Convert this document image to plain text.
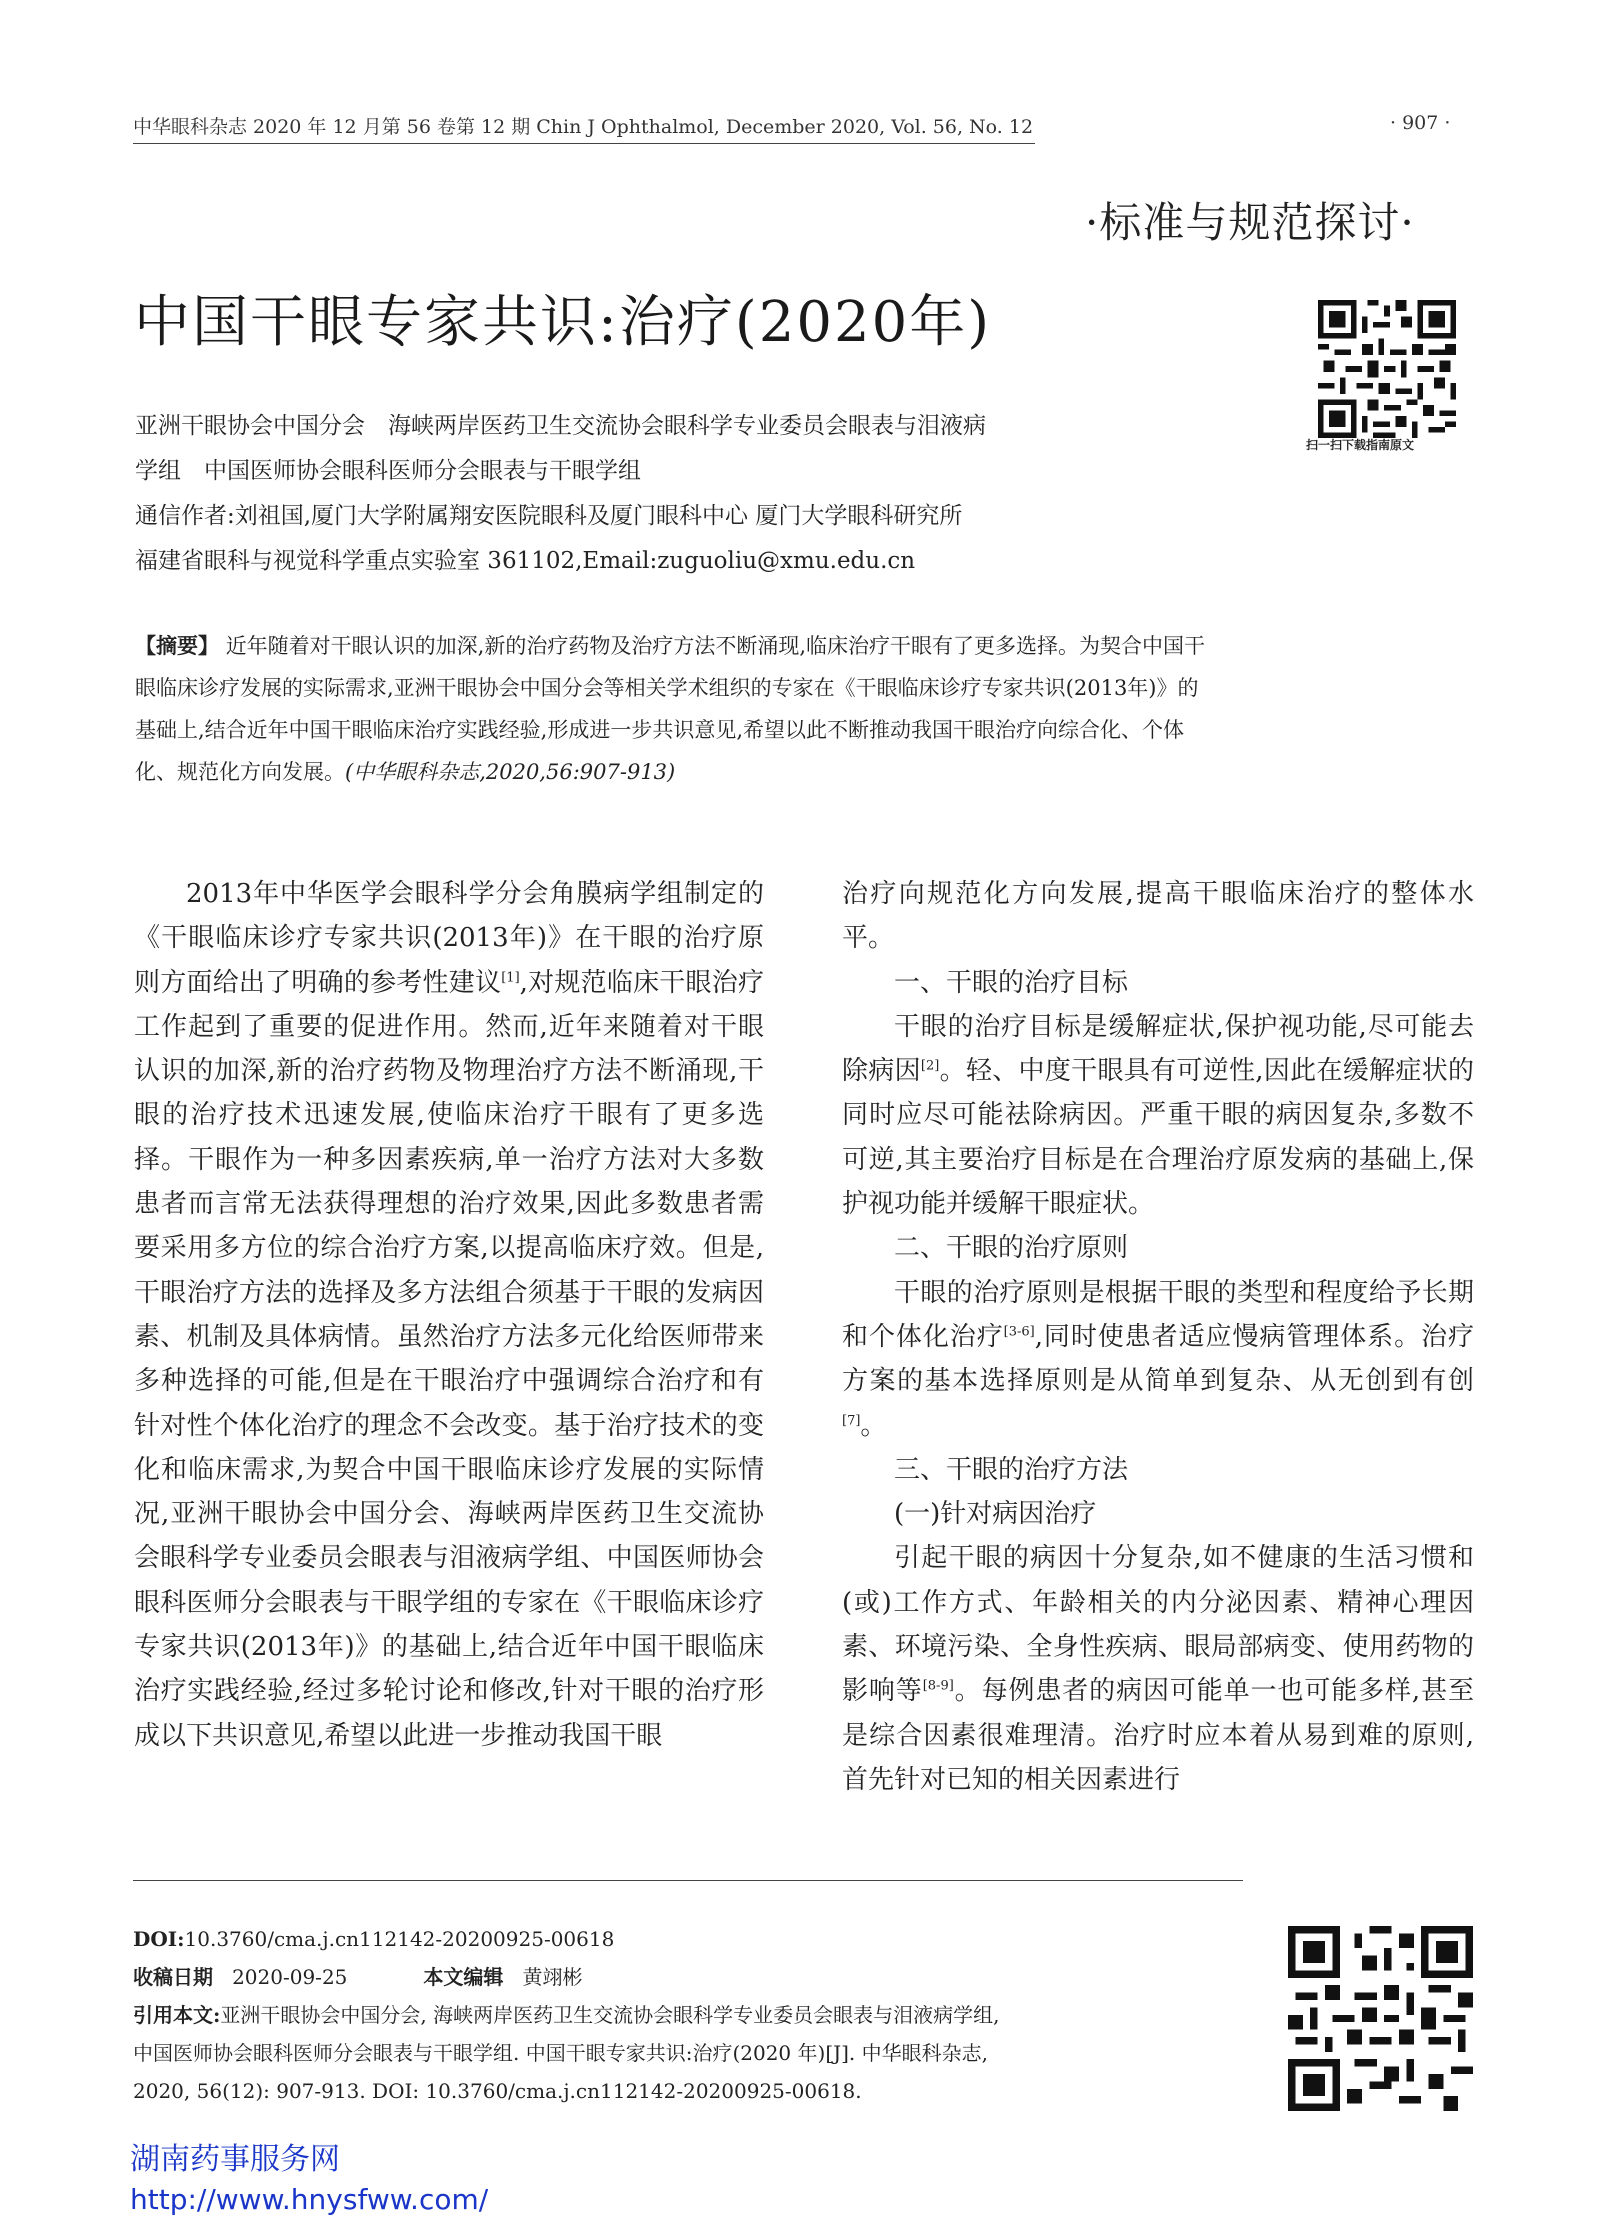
中华眼科杂志 2020 年 12 月第 56 卷第 12 期 Chin J Ophthalmol, December 2020, Vol. 56, No. 12	· 907 ·
·标准与规范探讨·
中国干眼专家共识:治疗(2020年)
扫一扫下载指南原文

亚洲干眼协会中国分会　海峡两岸医药卫生交流协会眼科学专业委员会眼表与泪液病

学组　中国医师协会眼科医师分会眼表与干眼学组

通信作者:刘祖国,厦门大学附属翔安医院眼科及厦门眼科中心 厦门大学眼科研究所

福建省眼科与视觉科学重点实验室 361102,Email:zuguoliu@xmu.edu.cn

【摘要】 近年随着对干眼认识的加深,新的治疗药物及治疗方法不断涌现,临床治疗干眼有了更多选择。为契合中国干眼临床诊疗发展的实际需求,亚洲干眼协会中国分会等相关学术组织的专家在《干眼临床诊疗专家共识(2013年)》的基础上,结合近年中国干眼临床治疗实践经验,形成进一步共识意见,希望以此不断推动我国干眼治疗向综合化、个体化、规范化方向发展。(中华眼科杂志,2020,56:907-913)

2013年中华医学会眼科学分会角膜病学组制定的《干眼临床诊疗专家共识(2013年)》在干眼的治疗原则方面给出了明确的参考性建议[1],对规范临床干眼治疗工作起到了重要的促进作用。然而,近年来随着对干眼认识的加深,新的治疗药物及物理治疗方法不断涌现,干眼的治疗技术迅速发展,使临床治疗干眼有了更多选择。干眼作为一种多因素疾病,单一治疗方法对大多数患者而言常无法获得理想的治疗效果,因此多数患者需要采用多方位的综合治疗方案,以提高临床疗效。但是,干眼治疗方法的选择及多方法组合须基于干眼的发病因素、机制及具体病情。虽然治疗方法多元化给医师带来多种选择的可能,但是在干眼治疗中强调综合治疗和有针对性个体化治疗的理念不会改变。基于治疗技术的变化和临床需求,为契合中国干眼临床诊疗发展的实际情况,亚洲干眼协会中国分会、海峡两岸医药卫生交流协会眼科学专业委员会眼表与泪液病学组、中国医师协会眼科医师分会眼表与干眼学组的专家在《干眼临床诊疗专家共识(2013年)》的基础上,结合近年中国干眼临床治疗实践经验,经过多轮讨论和修改,针对干眼的治疗形成以下共识意见,希望以此进一步推动我国干眼

治疗向规范化方向发展,提高干眼临床治疗的整体水平。

一、干眼的治疗目标

干眼的治疗目标是缓解症状,保护视功能,尽可能去除病因[2]。轻、中度干眼具有可逆性,因此在缓解症状的同时应尽可能祛除病因。严重干眼的病因复杂,多数不可逆,其主要治疗目标是在合理治疗原发病的基础上,保护视功能并缓解干眼症状。

二、干眼的治疗原则

干眼的治疗原则是根据干眼的类型和程度给予长期和个体化治疗[3-6],同时使患者适应慢病管理体系。治疗方案的基本选择原则是从简单到复杂、从无创到有创[7]。

三、干眼的治疗方法

(一)针对病因治疗

引起干眼的病因十分复杂,如不健康的生活习惯和(或)工作方式、年龄相关的内分泌因素、精神心理因素、环境污染、全身性疾病、眼局部病变、使用药物的影响等[8-9]。每例患者的病因可能单一也可能多样,甚至是综合因素很难理清。治疗时应本着从易到难的原则,首先针对已知的相关因素进行

DOI:10.3760/cma.j.cn112142-20200925-00618

收稿日期 2020-09-25	本文编辑 黄翊彬

引用本文:亚洲干眼协会中国分会, 海峡两岸医药卫生交流协会眼科学专业委员会眼表与泪液病学组,

中国医师协会眼科医师分会眼表与干眼学组. 中国干眼专家共识:治疗(2020 年)[J]. 中华眼科杂志,

2020, 56(12): 907-913. DOI: 10.3760/cma.j.cn112142-20200925-00618.

湖南药事服务网
http://www.hnysfww.com/
